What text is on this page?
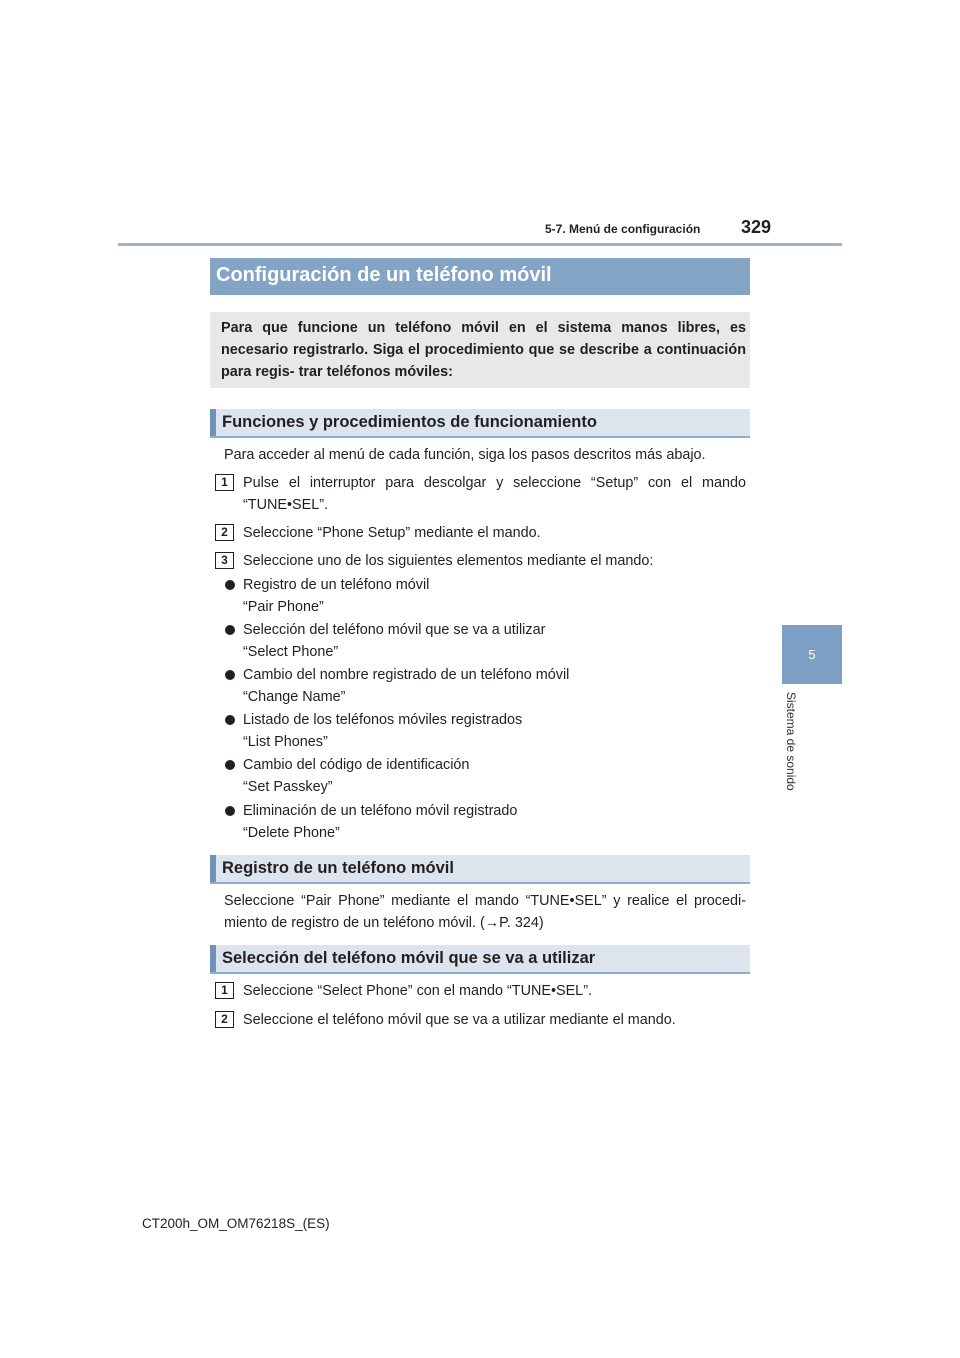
5-7. Menú de configuración 329
5
Sistema de sonido
Configuración de un teléfono móvil

Para que funcione un teléfono móvil en el sistema manos libres, es necesario registrarlo. Siga el procedimiento que se describe a continuación para regis- trar teléfonos móviles:

Funciones y procedimientos de funcionamiento
Para acceder al menú de cada función, siga los pasos descritos más abajo.
1	Pulse el interruptor para descolgar y seleccione “Setup” con el mando “TUNE•SEL”.

2	Seleccione “Phone Setup” mediante el mando.

3	Seleccione uno de los siguientes elementos mediante el mando:

Registro de un teléfono móvil
“Pair Phone”
Selección del teléfono móvil que se va a utilizar
“Select Phone”
Cambio del nombre registrado de un teléfono móvil
“Change Name”
Listado de los teléfonos móviles registrados
“List Phones”
Cambio del código de identificación
“Set Passkey”
Eliminación de un teléfono móvil registrado
“Delete Phone”
Registro de un teléfono móvil

Seleccione “Pair Phone” mediante el mando “TUNE•SEL” y realice el procedi- miento de registro de un teléfono móvil. (→P. 324)

Selección del teléfono móvil que se va a utilizar
1	Seleccione “Select Phone” con el mando “TUNE•SEL”.

2	Seleccione el teléfono móvil que se va a utilizar mediante el mando.

CT200h_OM_OM76218S_(ES)
